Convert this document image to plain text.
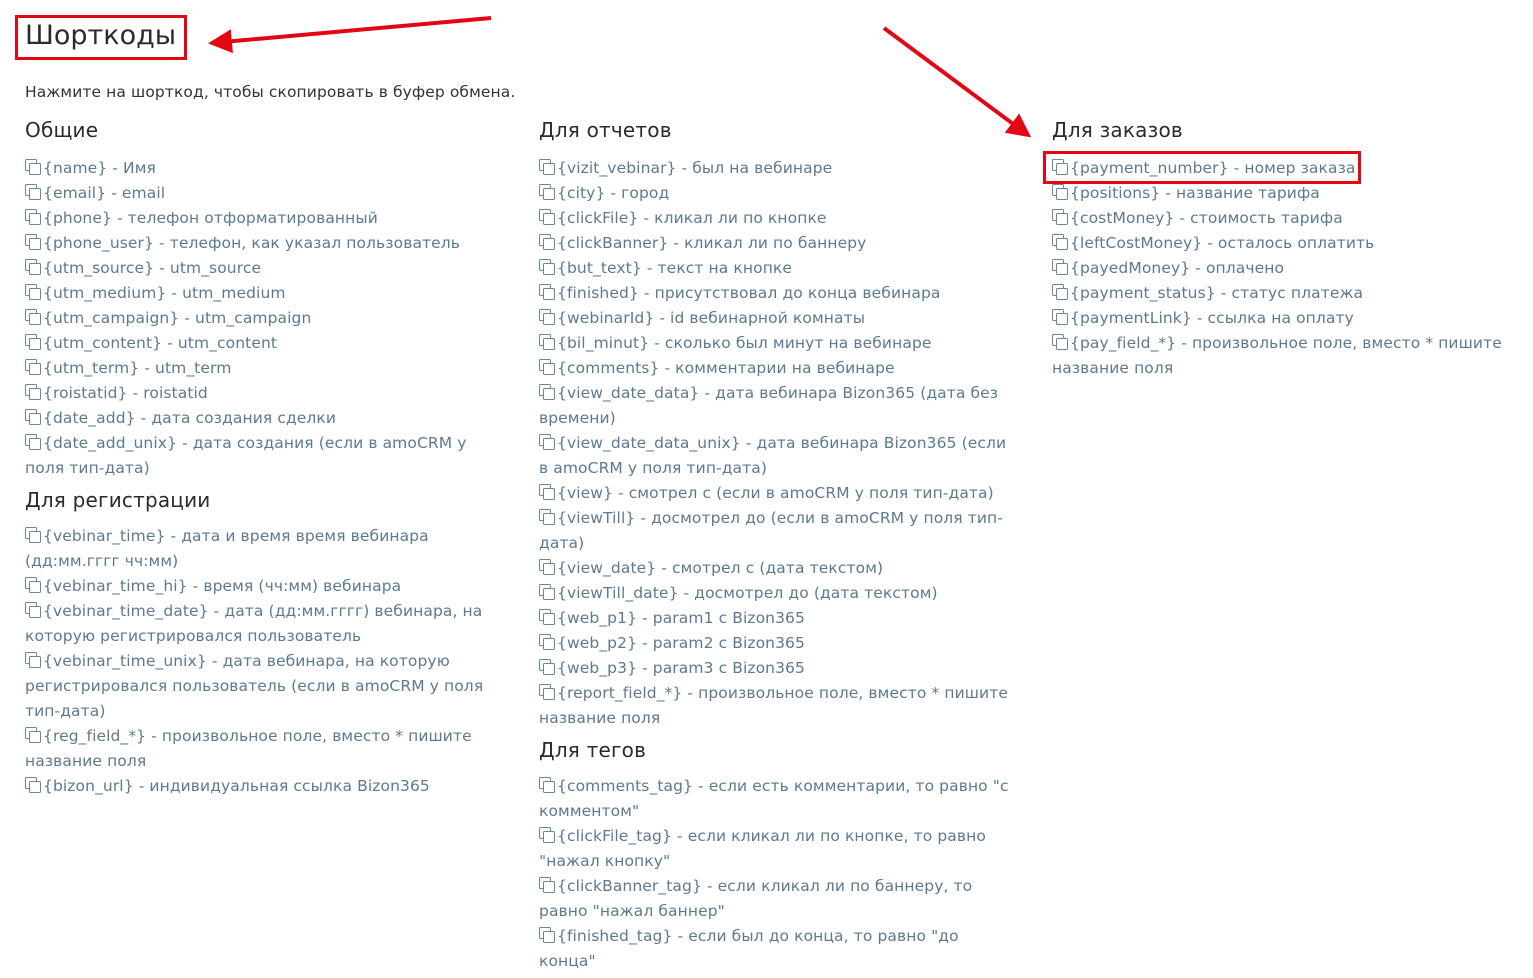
Шорткоды
Нажмите на шорткод, чтобы скопировать в буфер обмена.
Общие
{name} - Имя
{email} - email
{phone} - телефон отформатированный
{phone_user} - телефон, как указал пользователь
{utm_source} - utm_source
{utm_medium} - utm_medium
{utm_campaign} - utm_campaign
{utm_content} - utm_content
{utm_term} - utm_term
{roistatid} - roistatid
{date_add} - дата создания сделки
{date_add_unix} - дата создания (если в amoCRM у поля тип-дата)
Для регистрации
{vebinar_time} - дата и время время вебинара (дд:мм.гггг чч:мм)
{vebinar_time_hi} - время (чч:мм) вебинара
{vebinar_time_date} - дата (дд:мм.гггг) вебинара, на которую регистрировался пользователь
{vebinar_time_unix} - дата вебинара, на которую регистрировался пользователь (если в amoCRM у поля тип-дата)
{reg_field_*} - произвольное поле, вместо * пишите название поля
{bizon_url} - индивидуальная ссылка Bizon365
Для отчетов
{vizit_vebinar} - был на вебинаре
{city} - город
{clickFile} - кликал ли по кнопке
{clickBanner} - кликал ли по баннеру
{but_text} - текст на кнопке
{finished} - присутствовал до конца вебинара
{webinarId} - id вебинарной комнаты
{bil_minut} - сколько был минут на вебинаре
{comments} - комментарии на вебинаре
{view_date_data} - дата вебинара Bizon365 (дата без времени)
{view_date_data_unix} - дата вебинара Bizon365 (если в amoCRM у поля тип-дата)
{view} - смотрел с (если в amoCRM у поля тип-дата)
{viewTill} - досмотрел до (если в amoCRM у поля тип-дата)
{view_date} - смотрел с (дата текстом)
{viewTill_date} - досмотрел до (дата текстом)
{web_p1} - param1 с Bizon365
{web_p2} - param2 с Bizon365
{web_p3} - param3 с Bizon365
{report_field_*} - произвольное поле, вместо * пишите название поля
Для тегов
{comments_tag} - если есть комментарии, то равно "с комментом"
{clickFile_tag} - если кликал ли по кнопке, то равно "нажал кнопку"
{clickBanner_tag} - если кликал ли по баннеру, то равно "нажал баннер"
{finished_tag} - если был до конца, то равно "до конца"
Для заказов
{payment_number} - номер заказа
{positions} - название тарифа
{costMoney} - стоимость тарифа
{leftCostMoney} - осталось оплатить
{payedMoney} - оплачено
{payment_status} - статус платежа
{paymentLink} - ссылка на оплату
{pay_field_*} - произвольное поле, вместо * пишите название поля
